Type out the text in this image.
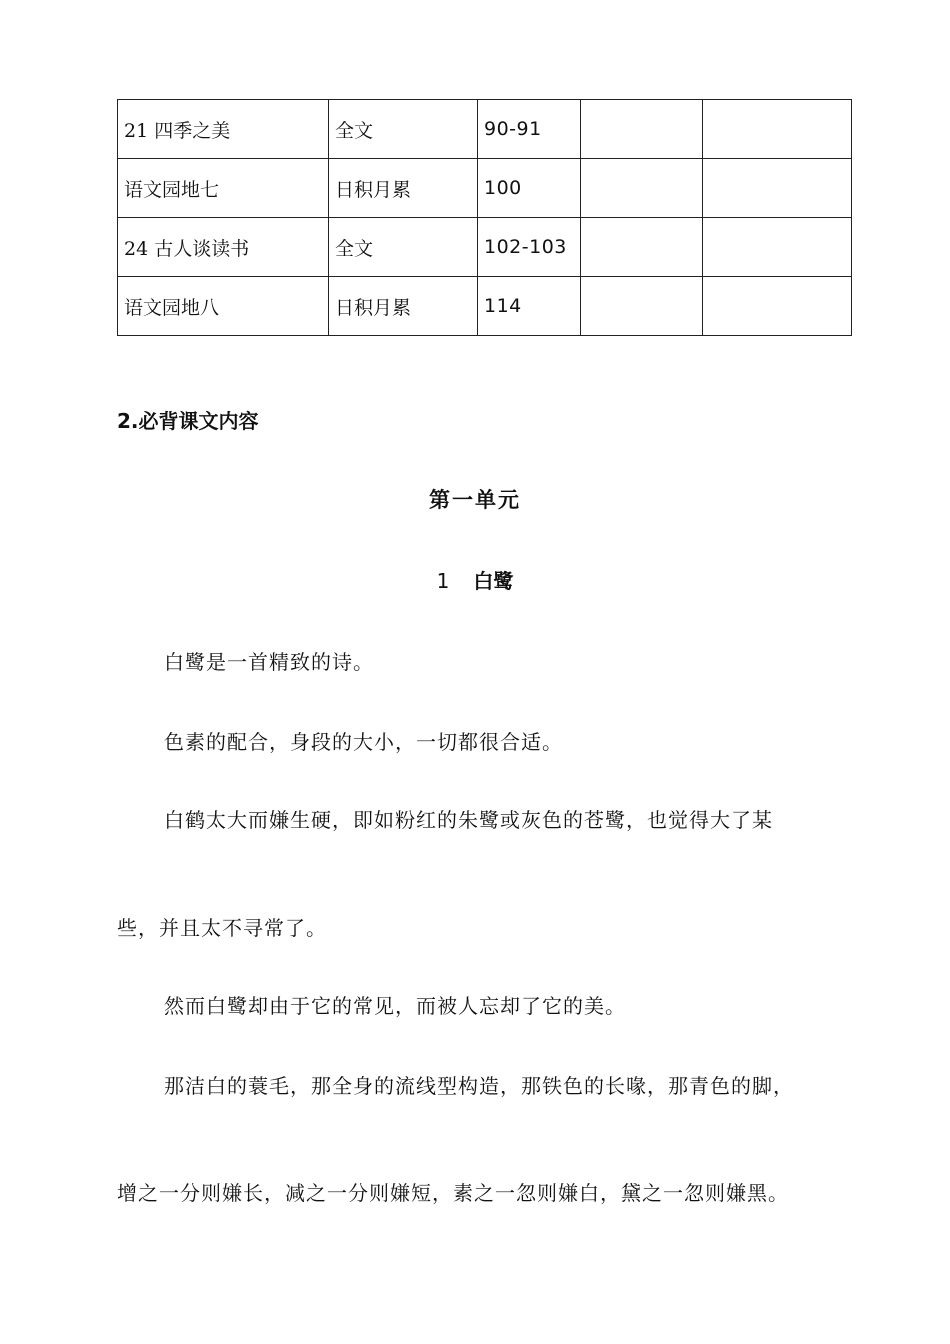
21 四季之美	全文	90-91		
语文园地七	日积月累	100		
24 古人谈读书	全文	102-103		
语文园地八	日积月累	114		
2.必背课文内容
第一单元
1 白鹭

白鹭是一首精致的诗。

色素的配合，身段的大小，一切都很合适。

白鹤太大而嫌生硬，即如粉红的朱鹭或灰色的苍鹭，也觉得大了某

些，并且太不寻常了。

然而白鹭却由于它的常见，而被人忘却了它的美。

那洁白的蓑毛，那全身的流线型构造，那铁色的长喙，那青色的脚，

增之一分则嫌长，减之一分则嫌短，素之一忽则嫌白，黛之一忽则嫌黑。
